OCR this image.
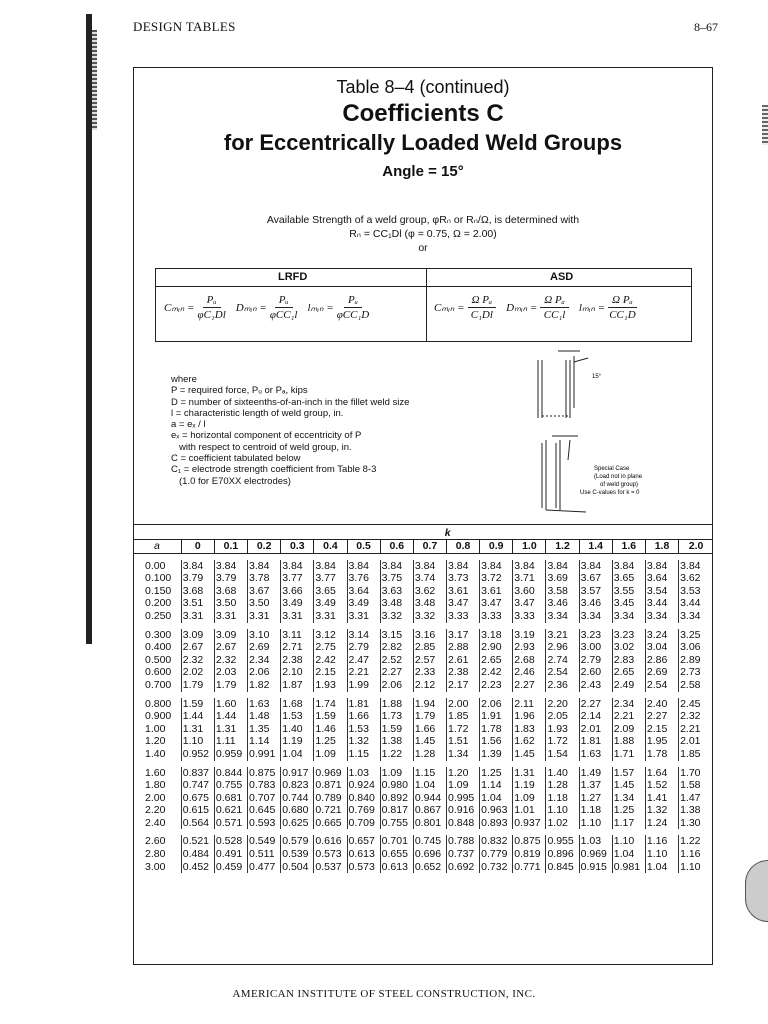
DESIGN TABLES	8–67
Table 8–4 (continued)
Coefficients C
for Eccentrically Loaded Weld Groups
Angle = 15°
Available Strength of a weld group, φRₙ or Rₙ/Ω, is determined with
Rₙ = CC₁Dl (φ = 0.75, Ω = 2.00)
or
LRFD	ASD
Cₘᵢₙ = $\frac{\text{Pᵤ}}{\text{φC₁Dl}}$ Dₘᵢₙ = $\frac{\text{Pᵤ}}{\text{φCC₁l}}$ lₘᵢₙ = $\frac{\text{Pᵤ}}{\text{φCC₁D}}$	Cₘᵢₙ = $\frac{\text{Ω Pₐ}}{\text{C₁Dl}}$ Dₘᵢₙ = $\frac{\text{Ω Pₐ}}{\text{CC₁l}}$ lₘᵢₙ = $\frac{\text{Ω Pₐ}}{\text{CC₁D}}$
where
P = required force, Pᵤ or Pₐ, kips
D = number of sixteenths-of-an-inch in the fillet weld size
l = characteristic length of weld group, in.
a = eₓ / l
eₓ = horizontal component of eccentricity of P
with respect to centroid of weld group, in.
C = coefficient tabulated below
C₁ = electrode strength coefficient from Table 8-3
(1.0 for E70XX electrodes)
15°
Special Case
(Load not in plane
of weld group)
Use C-values for k = 0
	k															
a	0	0.1	0.2	0.3	0.4	0.5	0.6	0.7	0.8	0.9	1.0	1.2	1.4	1.6	1.8	2.0

0.00	3.84	3.84	3.84	3.84	3.84	3.84	3.84	3.84	3.84	3.84	3.84	3.84	3.84	3.84	3.84	3.84
0.100	3.79	3.79	3.78	3.77	3.77	3.76	3.75	3.74	3.73	3.72	3.71	3.69	3.67	3.65	3.64	3.62
0.150	3.68	3.68	3.67	3.66	3.65	3.64	3.63	3.62	3.61	3.61	3.60	3.58	3.57	3.55	3.54	3.53
0.200	3.51	3.50	3.50	3.49	3.49	3.49	3.48	3.48	3.47	3.47	3.47	3.46	3.46	3.45	3.44	3.44
0.250	3.31	3.31	3.31	3.31	3.31	3.31	3.32	3.32	3.33	3.33	3.33	3.34	3.34	3.34	3.34	3.34

0.300	3.09	3.09	3.10	3.11	3.12	3.14	3.15	3.16	3.17	3.18	3.19	3.21	3.23	3.23	3.24	3.25
0.400	2.67	2.67	2.69	2.71	2.75	2.79	2.82	2.85	2.88	2.90	2.93	2.96	3.00	3.02	3.04	3.06
0.500	2.32	2.32	2.34	2.38	2.42	2.47	2.52	2.57	2.61	2.65	2.68	2.74	2.79	2.83	2.86	2.89
0.600	2.02	2.03	2.06	2.10	2.15	2.21	2.27	2.33	2.38	2.42	2.46	2.54	2.60	2.65	2.69	2.73
0.700	1.79	1.79	1.82	1.87	1.93	1.99	2.06	2.12	2.17	2.23	2.27	2.36	2.43	2.49	2.54	2.58

0.800	1.59	1.60	1.63	1.68	1.74	1.81	1.88	1.94	2.00	2.06	2.11	2.20	2.27	2.34	2.40	2.45
0.900	1.44	1.44	1.48	1.53	1.59	1.66	1.73	1.79	1.85	1.91	1.96	2.05	2.14	2.21	2.27	2.32
1.00	1.31	1.31	1.35	1.40	1.46	1.53	1.59	1.66	1.72	1.78	1.83	1.93	2.01	2.09	2.15	2.21
1.20	1.10	1.11	1.14	1.19	1.25	1.32	1.38	1.45	1.51	1.56	1.62	1.72	1.81	1.88	1.95	2.01
1.40	0.952	0.959	0.991	1.04	1.09	1.15	1.22	1.28	1.34	1.39	1.45	1.54	1.63	1.71	1.78	1.85

1.60	0.837	0.844	0.875	0.917	0.969	1.03	1.09	1.15	1.20	1.25	1.31	1.40	1.49	1.57	1.64	1.70
1.80	0.747	0.755	0.783	0.823	0.871	0.924	0.980	1.04	1.09	1.14	1.19	1.28	1.37	1.45	1.52	1.58
2.00	0.675	0.681	0.707	0.744	0.789	0.840	0.892	0.944	0.995	1.04	1.09	1.18	1.27	1.34	1.41	1.47
2.20	0.615	0.621	0.645	0.680	0.721	0.769	0.817	0.867	0.916	0.963	1.01	1.10	1.18	1.25	1.32	1.38
2.40	0.564	0.571	0.593	0.625	0.665	0.709	0.755	0.801	0.848	0.893	0.937	1.02	1.10	1.17	1.24	1.30

2.60	0.521	0.528	0.549	0.579	0.616	0.657	0.701	0.745	0.788	0.832	0.875	0.955	1.03	1.10	1.16	1.22
2.80	0.484	0.491	0.511	0.539	0.573	0.613	0.655	0.696	0.737	0.779	0.819	0.896	0.969	1.04	1.10	1.16
3.00	0.452	0.459	0.477	0.504	0.537	0.573	0.613	0.652	0.692	0.732	0.771	0.845	0.915	0.981	1.04	1.10
AMERICAN INSTITUTE OF STEEL CONSTRUCTION, INC.
